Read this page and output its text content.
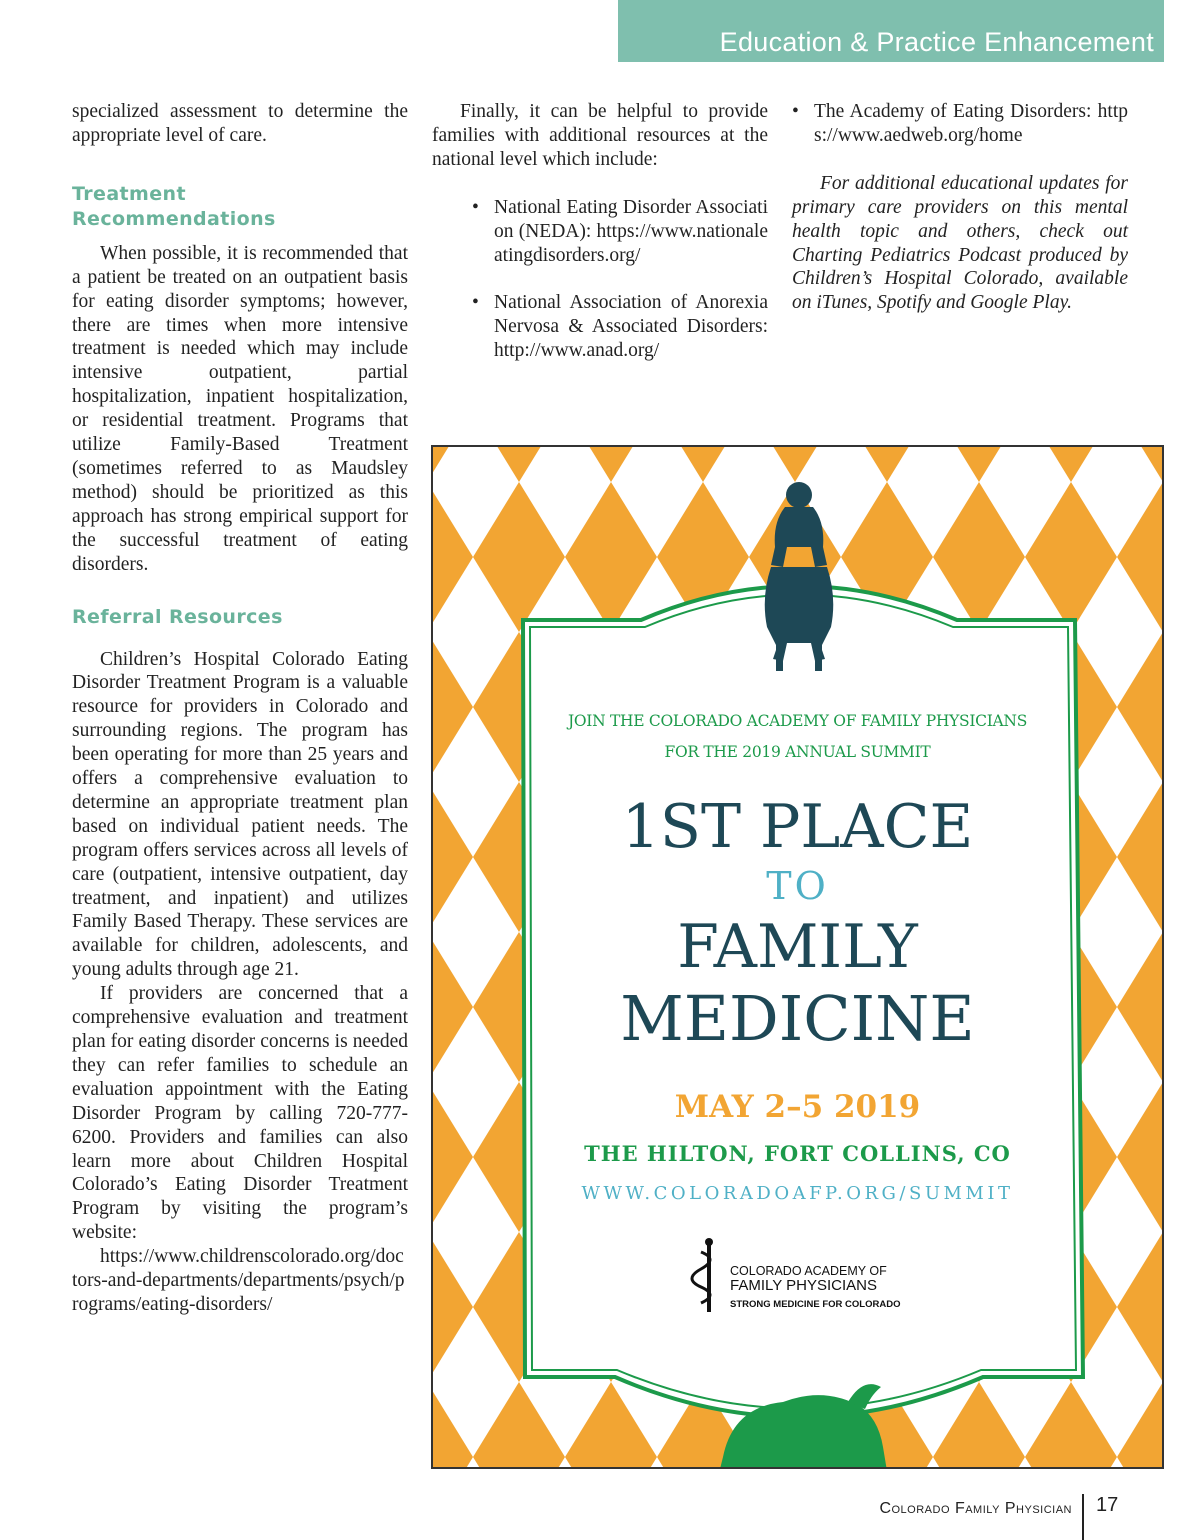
Education & Practice Enhancement

specialized assessment to determine the appropriate level of care.

Treatment Recommendations

When possible, it is recommended that a patient be treated on an outpatient basis for eating disorder symptoms; however, there are times when more intensive treatment is needed which may include intensive outpatient, partial hospitalization, inpatient hospitalization, or residential treatment. Programs that utilize Family-Based Treatment (sometimes referred to as Maudsley method) should be prioritized as this approach has strong empirical support for the successful treatment of eating disorders.

Referral Resources

Children’s Hospital Colorado Eating Disorder Treatment Program is a valuable resource for providers in Colorado and surrounding regions. The program has been operating for more than 25 years and offers a comprehensive evaluation to determine an appropriate treatment plan based on individual patient needs. The program offers services across all levels of care (outpatient, intensive outpatient, day treatment, and inpatient) and utilizes Family Based Therapy. These services are available for children, adolescents, and young adults through age 21.

If providers are concerned that a comprehensive evaluation and treatment plan for eating disorder concerns is needed they can refer families to schedule an evaluation appointment with the Eating Disorder Program by calling 720-777-6200. Providers and families can also learn more about Children Hospital Colorado’s Eating Disorder Treatment Program by visiting the program’s website:

https://www.childrenscolorado.org/doctors-and-departments/departments/psych/programs/eating-disorders/

Finally, it can be helpful to provide families with additional resources at the national level which include:

• National Eating Disorder Association (NEDA): https://www.nationaleatingdisorders.org/
• National Association of Anorexia Nervosa & Associated Disorders: http://www.anad.org/
• The Academy of Eating Disorders: https://www.aedweb.org/home

For additional educational updates for primary care providers on this mental health topic and others, check out Charting Pediatrics Podcast produced by Children’s Hospital Colorado, available on iTunes, Spotify and Google Play.

JOIN THE COLORADO ACADEMY OF FAMILY PHYSICIANS
FOR THE 2019 ANNUAL SUMMIT
1ST PLACE
TO
FAMILY
MEDICINE
MAY 2–5 2019
THE HILTON, FORT COLLINS, CO
WWW.COLORADOAFP.ORG/SUMMIT
COLORADO ACADEMY OF
FAMILY PHYSICIANS
STRONG MEDICINE FOR COLORADO
Colorado Family Physician 17
